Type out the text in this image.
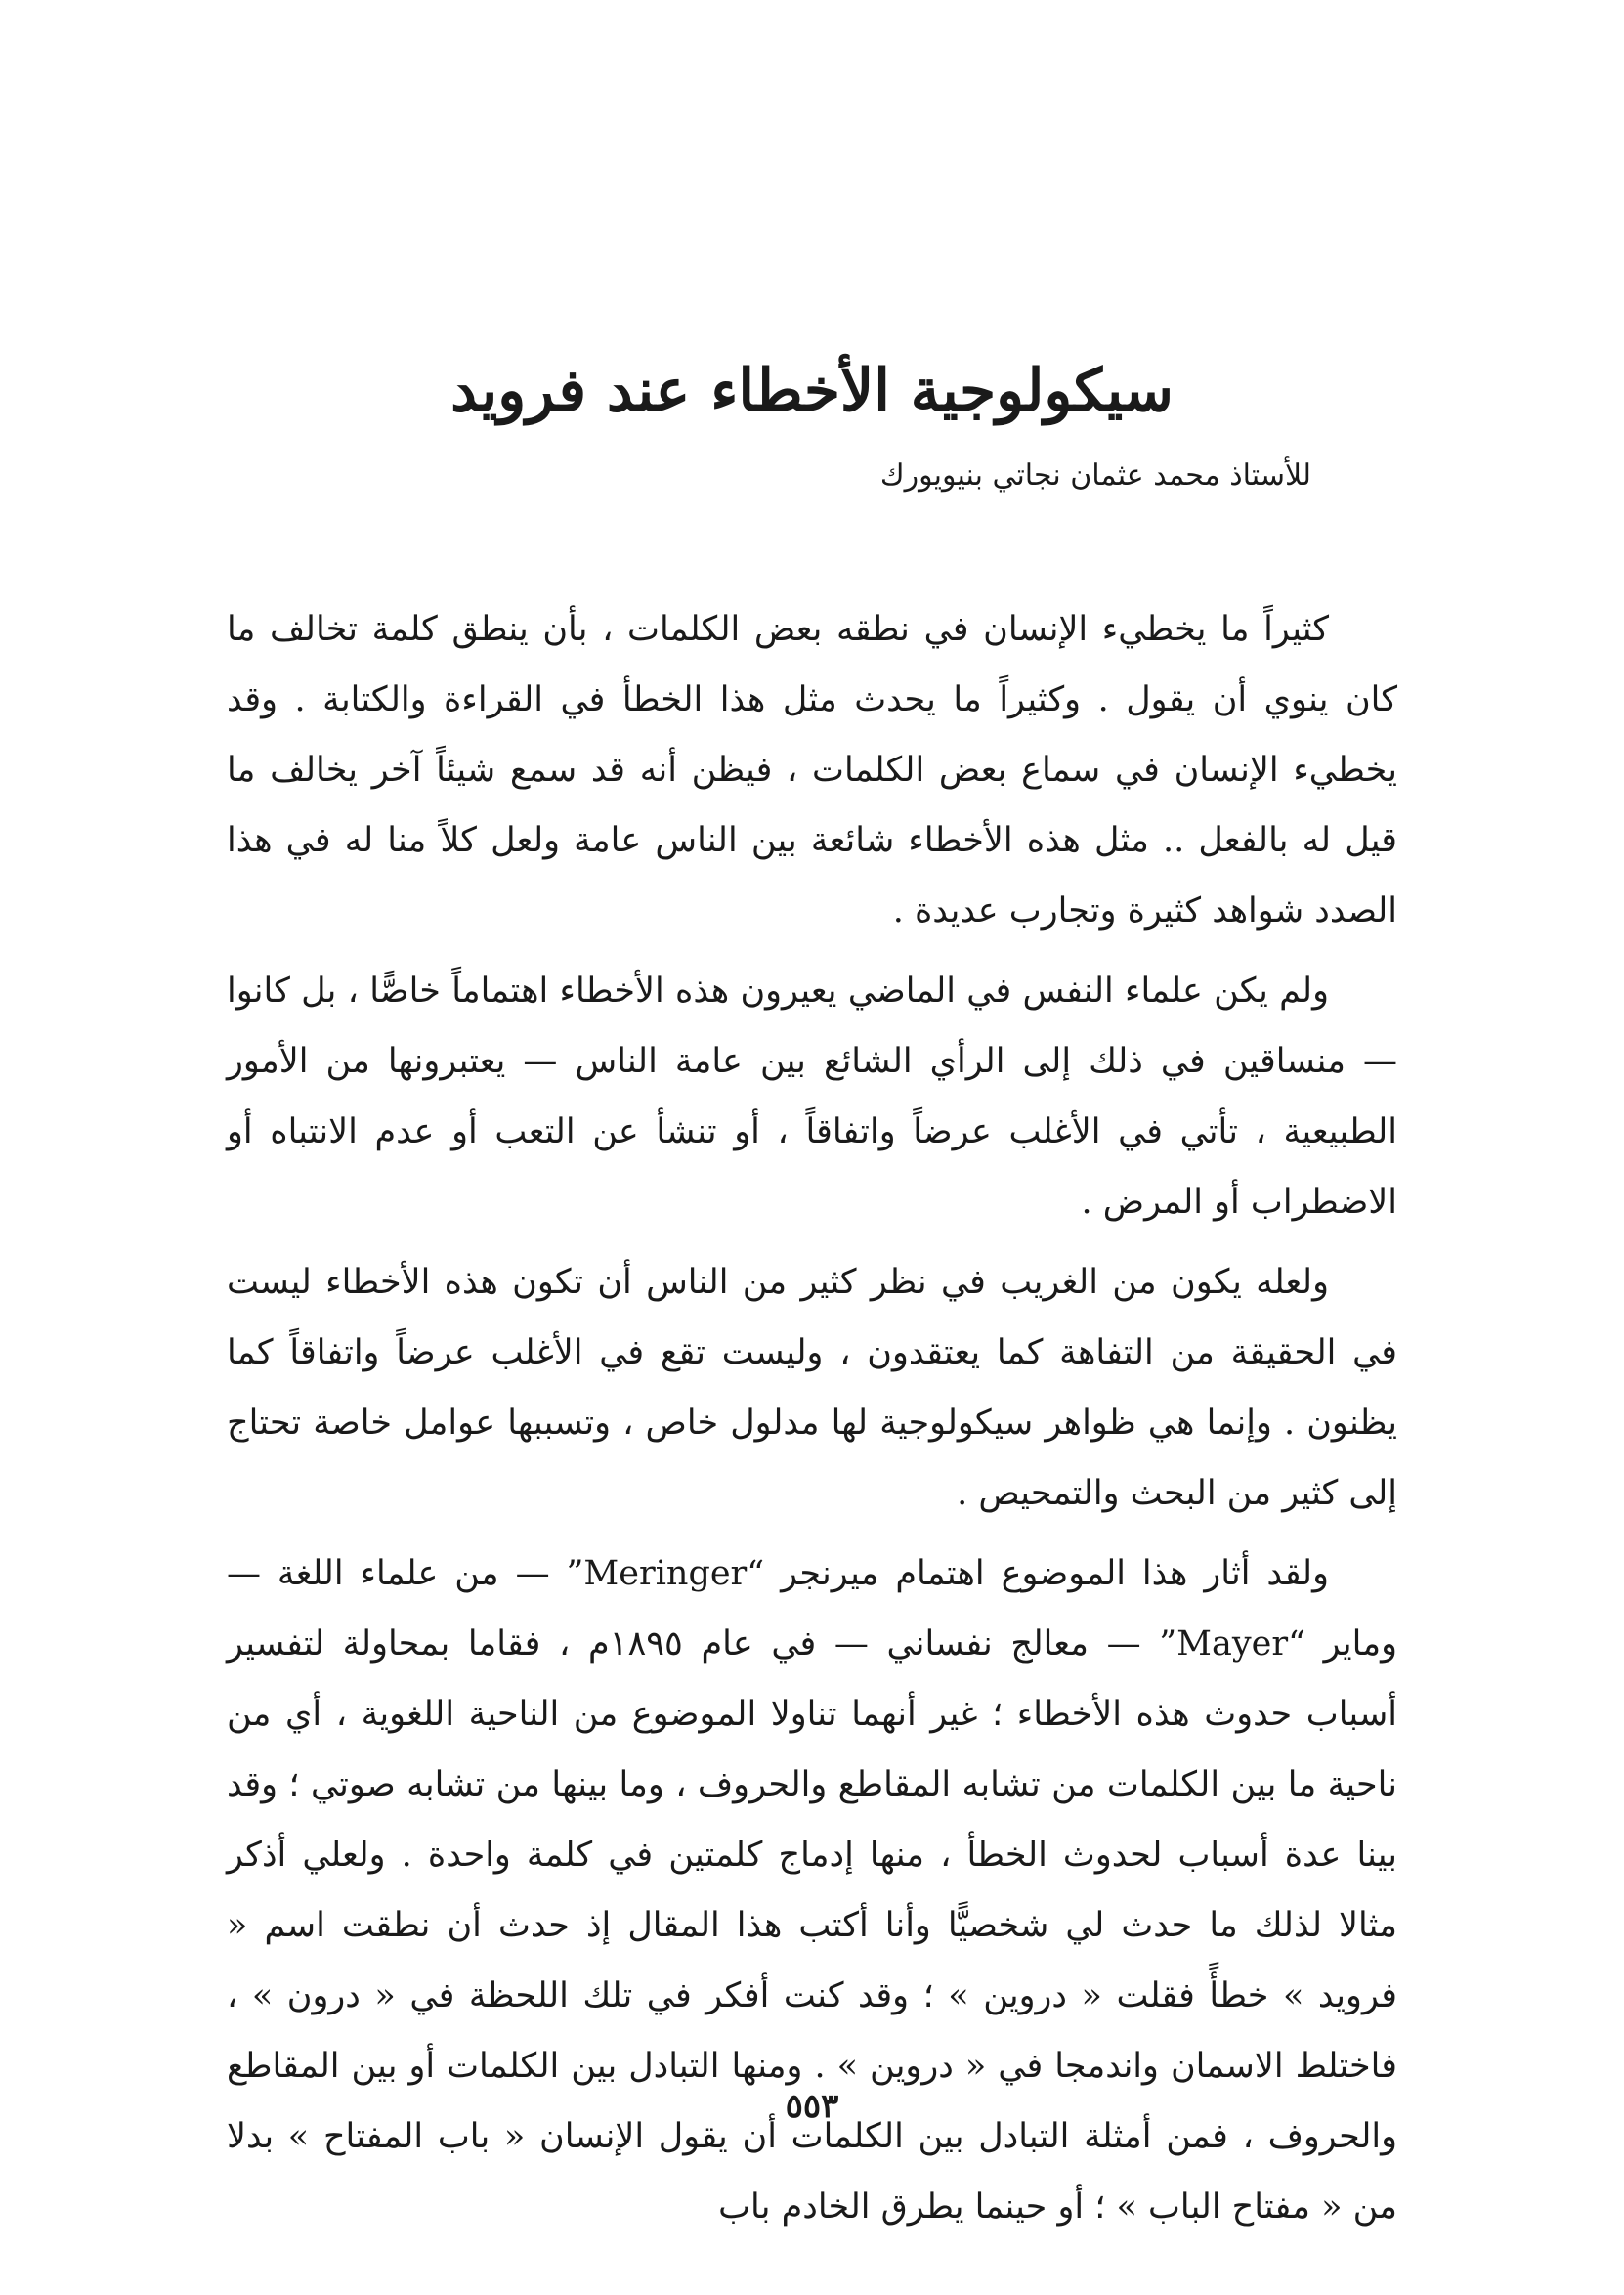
سيكولوجية الأخطاء عند فرويد
للأستاذ محمد عثمان نجاتي بنيويورك

كثيراً ما يخطيء الإنسان في نطقه بعض الكلمات ، بأن ينطق كلمة تخالف ما كان ينوي أن يقول . وكثيراً ما يحدث مثل هذا الخطأ في القراءة والكتابة . وقد يخطيء الإنسان في سماع بعض الكلمات ، فيظن أنه قد سمع شيئاً آخر يخالف ما قيل له بالفعل .. مثل هذه الأخطاء شائعة بين الناس عامة ولعل كلاً منا له في هذا الصدد شواهد كثيرة وتجارب عديدة .

ولم يكن علماء النفس في الماضي يعيرون هذه الأخطاء اهتماماً خاصًّا ، بل كانوا — منساقين في ذلك إلى الرأي الشائع بين عامة الناس — يعتبرونها من الأمور الطبيعية ، تأتي في الأغلب عرضاً واتفاقاً ، أو تنشأ عن التعب أو عدم الانتباه أو الاضطراب أو المرض .

ولعله يكون من الغريب في نظر كثير من الناس أن تكون هذه الأخطاء ليست في الحقيقة من التفاهة كما يعتقدون ، وليست تقع في الأغلب عرضاً واتفاقاً كما يظنون . وإنما هي ظواهر سيكولوجية لها مدلول خاص ، وتسببها عوامل خاصة تحتاج إلى كثير من البحث والتمحيص .

ولقد أثار هذا الموضوع اهتمام ميرنجر “Meringer” — من علماء اللغة — وماير “Mayer” — معالج نفساني — في عام ١٨٩٥م ، فقاما بمحاولة لتفسير أسباب حدوث هذه الأخطاء ؛ غير أنهما تناولا الموضوع من الناحية اللغوية ، أي من ناحية ما بين الكلمات من تشابه المقاطع والحروف ، وما بينها من تشابه صوتي ؛ وقد بينا عدة أسباب لحدوث الخطأ ، منها إدماج كلمتين في كلمة واحدة . ولعلي أذكر مثالا لذلك ما حدث لي شخصيًّا وأنا أكتب هذا المقال إذ حدث أن نطقت اسم « فرويد » خطأً فقلت « دروين » ؛ وقد كنت أفكر في تلك اللحظة في « درون » ، فاختلط الاسمان واندمجا في « دروين » . ومنها التبادل بين الكلمات أو بين المقاطع والحروف ، فمن أمثلة التبادل بين الكلمات أن يقول الإنسان « باب المفتاح » بدلا من « مفتاح الباب » ؛ أو حينما يطرق الخادم باب

٥٥٣
